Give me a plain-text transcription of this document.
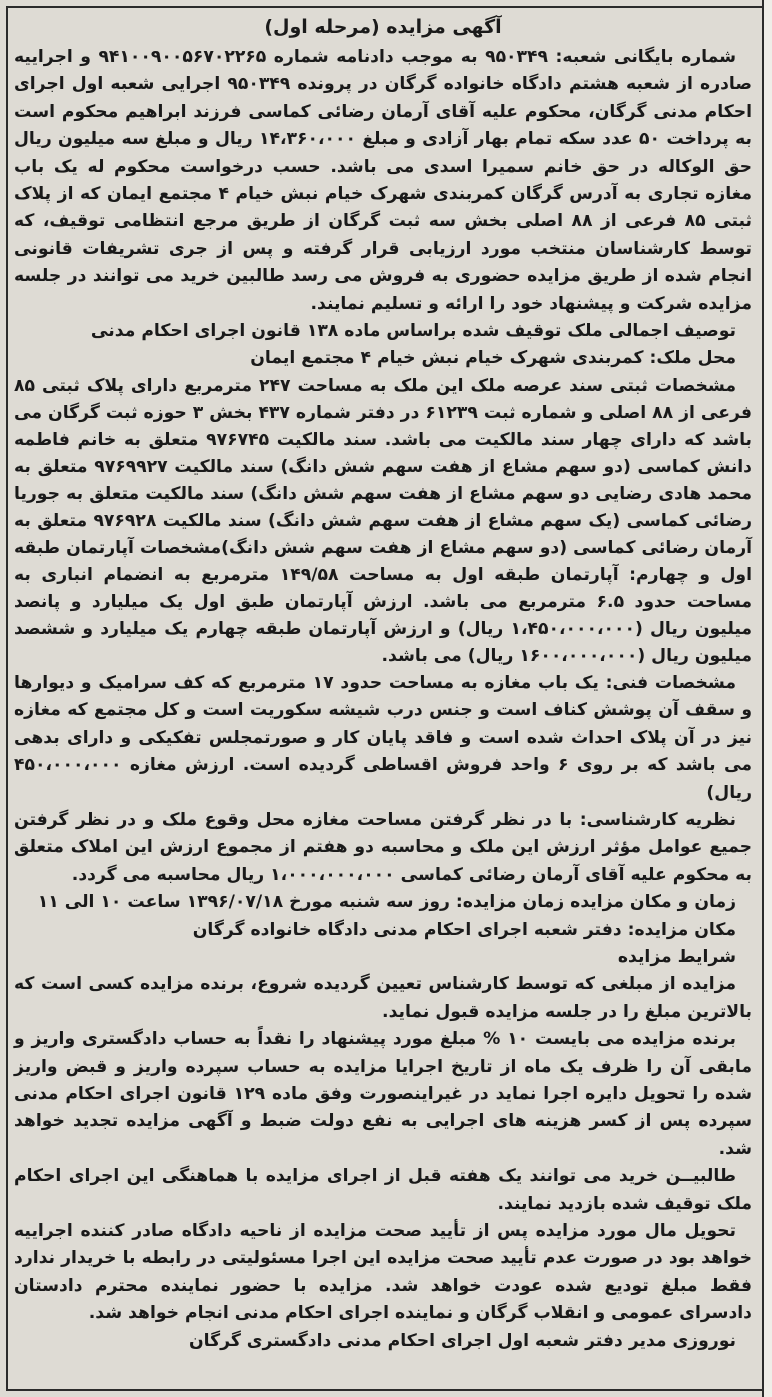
آگهی مزایده (مرحله اول)

شماره بایگانی شعبه: ۹۵۰۳۴۹ به موجب دادنامه شماره ۹۴۱۰۰۹۰۰۵۶۷۰۲۲۶۵ و اجراییه صادره از شعبه هشتم دادگاه خانواده گرگان در پرونده ۹۵۰۳۴۹ اجرایی شعبه اول اجرای احکام مدنی گرگان، محکوم علیه آقای آرمان رضائی کماسی فرزند ابراهیم محکوم است به پرداخت ۵۰ عدد سکه تمام بهار آزادی و مبلغ ۱۴،۳۶۰،۰۰۰ ریال و مبلغ سه میلیون ریال حق الوکاله در حق خانم سمیرا اسدی می باشد. حسب درخواست محکوم له یک باب مغازه تجاری به آدرس گرگان کمربندی شهرک خیام نبش خیام ۴ مجتمع ایمان که از پلاک ثبتی ۸۵ فرعی از ۸۸ اصلی بخش سه ثبت گرگان از طریق مرجع انتظامی توقیف، که توسط کارشناسان منتخب مورد ارزیابی قرار گرفته و پس از جری تشریفات قانونی انجام شده از طریق مزایده حضوری به فروش می رسد طالبین خرید می توانند در جلسه مزایده شرکت و پیشنهاد خود را ارائه و تسلیم نمایند.

توصیف اجمالی ملک توقیف شده براساس ماده ۱۳۸ قانون اجرای احکام مدنی

محل ملک: کمربندی شهرک خیام نبش خیام ۴ مجتمع ایمان

مشخصات ثبتی سند عرصه ملک این ملک به مساحت ۲۴۷ مترمربع دارای پلاک ثبتی ۸۵ فرعی از ۸۸ اصلی و شماره ثبت ۶۱۲۳۹ در دفتر شماره ۴۳۷ بخش ۳ حوزه ثبت گرگان می باشد که دارای چهار سند مالکیت می باشد. سند مالکیت ۹۷۶۷۴۵ متعلق به خانم فاطمه دانش کماسی (دو سهم مشاع از هفت سهم شش دانگ) سند مالکیت ۹۷۶۹۹۲۷ متعلق به محمد هادی رضایی دو سهم مشاع از هفت سهم شش دانگ) سند مالکیت متعلق به جوریا رضائی کماسی (یک سهم مشاع از هفت سهم شش دانگ) سند مالکیت ۹۷۶۹۲۸ متعلق به آرمان رضائی کماسی (دو سهم مشاع از هفت سهم شش دانگ)مشخصات آپارتمان طبقه اول و چهارم: آپارتمان طبقه اول به مساحت ۱۴۹/۵۸ مترمربع به انضمام انباری به مساحت حدود ۶.۵ مترمربع می باشد. ارزش آپارتمان طبق اول یک میلیارد و پانصد میلیون ریال (۱،۴۵۰،۰۰۰،۰۰۰ ریال) و ارزش آپارتمان طبقه چهارم یک میلیارد و ششصد میلیون ریال (۱۶۰۰،۰۰۰،۰۰۰ ریال) می باشد.

مشخصات فنی: یک باب مغازه به مساحت حدود ۱۷ مترمربع که کف سرامیک و دیوارها و سقف آن پوشش کناف است و جنس درب شیشه سکوریت است و کل مجتمع که مغازه نیز در آن پلاک احداث شده است و فاقد پایان کار و صورتمجلس تفکیکی و دارای بدهی می باشد که بر روی ۶ واحد فروش اقساطی گردیده است. ارزش مغازه ۴۵۰،۰۰۰،۰۰۰ ریال)

نظریه کارشناسی: با در نظر گرفتن مساحت مغازه محل وقوع ملک و در نظر گرفتن جمیع عوامل مؤثر ارزش این ملک و محاسبه دو هفتم از مجموع ارزش این املاک متعلق به محکوم علیه آقای آرمان رضائی کماسی ۱،۰۰۰،۰۰۰،۰۰۰ ریال محاسبه می گردد.

زمان و مکان مزایده زمان مزایده: روز سه شنبه مورخ ۱۳۹۶/۰۷/۱۸ ساعت ۱۰ الی ۱۱

مکان مزایده: دفتر شعبه اجرای احکام مدنی دادگاه خانواده گرگان

شرایط مزایده

مزایده از مبلغی که توسط کارشناس تعیین گردیده شروع، برنده مزایده کسی است که بالاترین مبلغ را در جلسه مزایده قبول نماید.

برنده مزایده می بایست ۱۰ % مبلغ مورد پیشنهاد را نقداً به حساب دادگستری واریز و مابقی آن را ظرف یک ماه از تاریخ اجرایا مزایده به حساب سپرده واریز و قبض واریز شده را تحویل دایره اجرا نماید در غیراینصورت وفق ماده ۱۲۹ قانون اجرای احکام مدنی سپرده پس از کسر هزینه های اجرایی به نفع دولت ضبط و آگهی مزایده تجدید خواهد شد.

طالبیــن خرید می توانند یک هفته قبل از اجرای مزایده با هماهنگی این اجرای احکام ملک توقیف شده بازدید نمایند.

تحویل مال مورد مزایده پس از تأیید صحت مزایده از ناحیه دادگاه صادر کننده اجراییه خواهد بود در صورت عدم تأیید صحت مزایده این اجرا مسئولیتی در رابطه با خریدار ندارد فقط مبلغ تودیع شده عودت خواهد شد. مزایده با حضور نماینده محترم دادستان دادسرای عمومی و انقلاب گرگان و نماینده اجرای احکام مدنی انجام خواهد شد.

نوروزی مدیر دفتر شعبه اول اجرای احکام مدنی دادگستری گرگان
